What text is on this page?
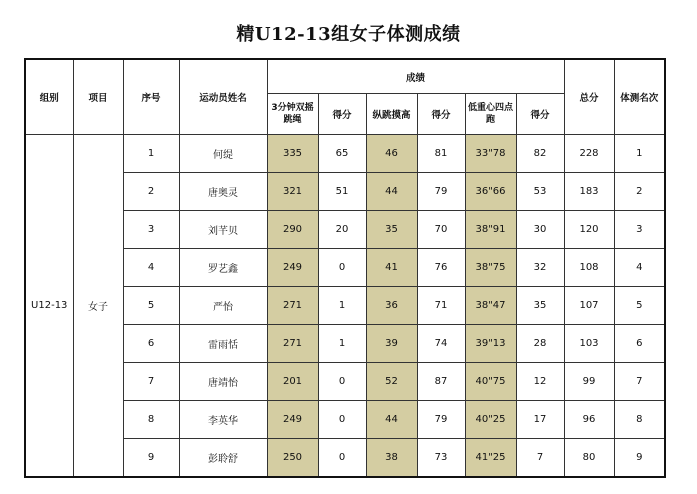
精U12-13组女子体测成绩
组别	项目	序号	运动员姓名	成绩						总分	体测名次
				3分钟双摇跳绳	得分	纵跳摸高	得分	低重心四点跑	得分		
U12-13	女子	1	何缇	335	65	46	81	33"78	82	228	1
		2	唐奥灵	321	51	44	79	36"66	53	183	2
		3	刘芊贝	290	20	35	70	38"91	30	120	3
		4	罗艺鑫	249	0	41	76	38"75	32	108	4
		5	严怡	271	1	36	71	38"47	35	107	5
		6	雷雨恬	271	1	39	74	39"13	28	103	6
		7	唐靖怡	201	0	52	87	40"75	12	99	7
		8	李英华	249	0	44	79	40"25	17	96	8
		9	彭聆舒	250	0	38	73	41"25	7	80	9
